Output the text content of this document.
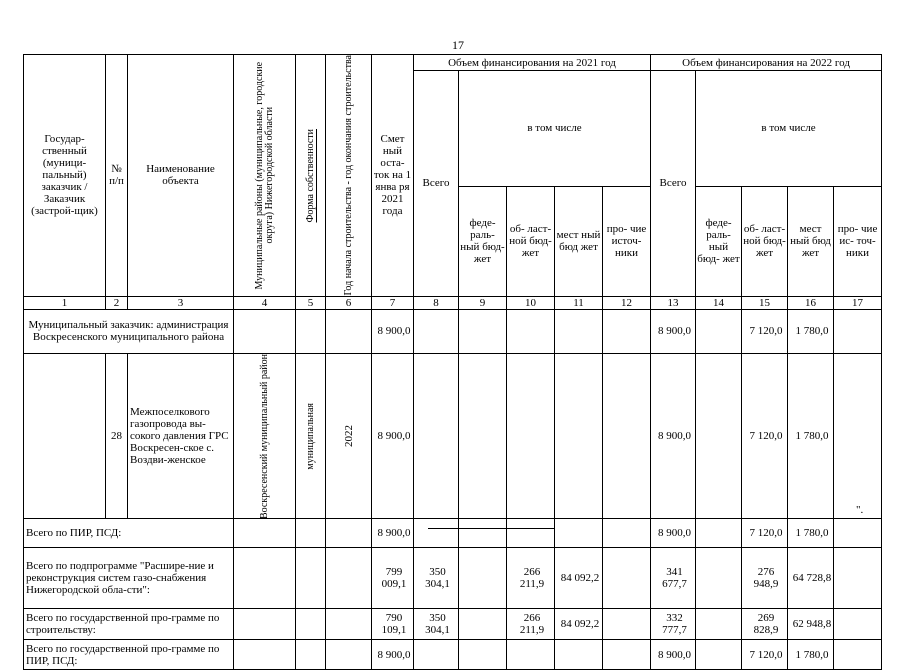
17
Государ-ственный (муници-пальный) заказчик / Заказчик (застрой-щик)	№ п/п	Наименование объекта	Муниципальные районы (муниципальные, городские округа) Нижегородской области	Форма собственности	Год начала строительства - год окончания строительства	Смет ный оста- ток на 1 янва ря 2021 года	Объем финансирования на 2021 год					Объем финансирования на 2022 год				
							Всего	в том числе				Всего	в том числе			
								феде- раль- ный бюд- жет	об- ласт- ной бюд- жет	мест ный бюд жет	про- чие источ- ники		феде- раль- ный бюд- жет	об- ласт- ной бюд- жет	мест ный бюд жет	про- чие ис- точ- ники
1	2	3	4	5	6	7	8	9	10	11	12	13	14	15	16	17
Муниципальный заказчик: администрация Воскресенского муниципального района						8 900,0						8 900,0		7 120,0	1 780,0	
	28	Межпоселкового газопровода вы-сокого давления ГРС Воскресен-ское с. Воздви-женское	Воскресенский муниципальный район	муниципальная	2022	8 900,0						8 900,0		7 120,0	1 780,0	
Всего по ПИР, ПСД:						8 900,0						8 900,0		7 120,0	1 780,0	
Всего по подпрограмме "Расшире-ние и реконструкция систем газо-снабжения Нижегородской обла-сти":						799 009,1	350 304,1		266 211,9	84 092,2		341 677,7		276 948,9	64 728,8	
Всего по государственной про-грамме по строительству:						790 109,1	350 304,1		266 211,9	84 092,2		332 777,7		269 828,9	62 948,8	
Всего по государственной про-грамме по ПИР, ПСД:						8 900,0						8 900,0		7 120,0	1 780,0	
".
